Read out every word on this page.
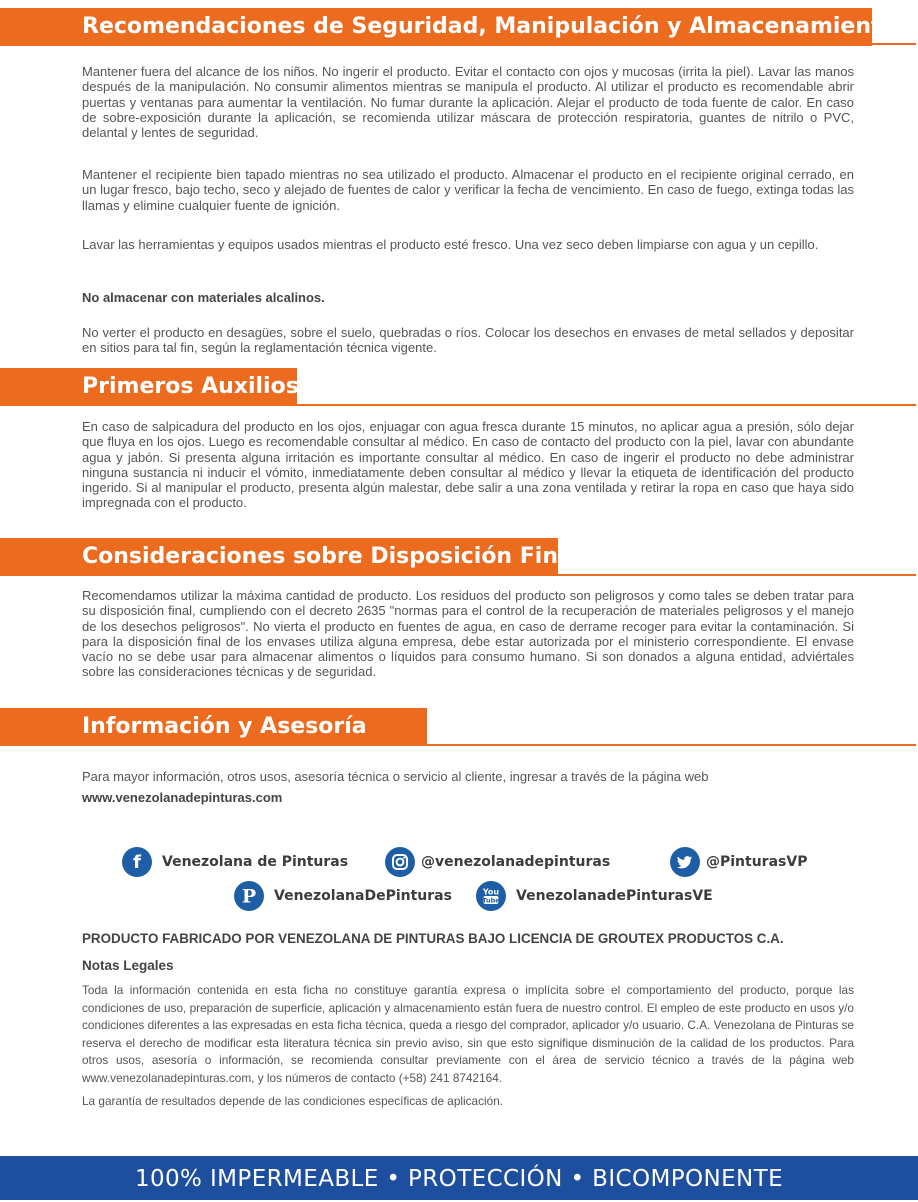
Recomendaciones de Seguridad, Manipulación y Almacenamiento

Mantener fuera del alcance de los niños. No ingerir el producto. Evitar el contacto con ojos y mucosas (irrita la piel). Lavar las manos después de la manipulación. No consumir alimentos mientras se manipula el producto. Al utilizar el producto es recomendable abrir puertas y ventanas para aumentar la ventilación. No fumar durante la aplicación. Alejar el producto de toda fuente de calor. En caso de sobre-exposición durante la aplicación, se recomienda utilizar máscara de protección respiratoria, guantes de nitrilo o PVC, delantal y lentes de seguridad.

Mantener el recipiente bien tapado mientras no sea utilizado el producto. Almacenar el producto en el recipiente original cerrado, en un lugar fresco, bajo techo, seco y alejado de fuentes de calor y verificar la fecha de vencimiento. En caso de fuego, extinga todas las llamas y elimine cualquier fuente de ignición.

Lavar las herramientas y equipos usados mientras el producto esté fresco. Una vez seco deben limpiarse con agua y un cepillo.

No almacenar con materiales alcalinos.

No verter el producto en desagües, sobre el suelo, quebradas o ríos. Colocar los desechos en envases de metal sellados y depositar en sitios para tal fin, según la reglamentación técnica vigente.

Primeros Auxilios

En caso de salpicadura del producto en los ojos, enjuagar con agua fresca durante 15 minutos, no aplicar agua a presión, sólo dejar que fluya en los ojos. Luego es recomendable consultar al médico. En caso de contacto del producto con la piel, lavar con abundante agua y jabón. Si presenta alguna irritación es importante consultar al médico. En caso de ingerir el producto no debe administrar ninguna sustancia ni inducir el vómito, inmediatamente deben consultar al médico y llevar la etiqueta de identificación del producto ingerido. Si al manipular el producto, presenta algún malestar, debe salir a una zona ventilada y retirar la ropa en caso que haya sido impregnada con el producto.

Consideraciones sobre Disposición Final

Recomendamos utilizar la máxima cantidad de producto. Los residuos del producto son peligrosos y como tales se deben tratar para su disposición final, cumpliendo con el decreto 2635 "normas para el control de la recuperación de materiales peligrosos y el manejo de los desechos peligrosos". No vierta el producto en fuentes de agua, en caso de derrame recoger para evitar la contaminación. Si para la disposición final de los envases utiliza alguna empresa, debe estar autorizada por el ministerio correspondiente. El envase vacío no se debe usar para almacenar alimentos o líquidos para consumo humano. Si son donados a alguna entidad, adviértales sobre las consideraciones técnicas y de seguridad.

Información y Asesoría

Para mayor información, otros usos, asesoría técnica o servicio al cliente, ingresar a través de la página web

www.venezolanadepinturas.com
f Venezolana de Pinturas	@venezolanadepinturas	@PinturasVP
P VenezolanaDePinturas	You
Tube VenezolanadePinturasVE

PRODUCTO FABRICADO POR VENEZOLANA DE PINTURAS BAJO LICENCIA DE GROUTEX PRODUCTOS C.A.

Notas Legales

Toda la información contenida en esta ficha no constituye garantía expresa o implícita sobre el comportamiento del producto, porque las condiciones de uso, preparación de superficie, aplicación y almacenamiento están fuera de nuestro control. El empleo de este producto en usos y/o condiciones diferentes a las expresadas en esta ficha técnica, queda a riesgo del comprador, aplicador y/o usuario. C.A. Venezolana de Pinturas se reserva el derecho de modificar esta literatura técnica sin previo aviso, sin que esto signifique disminución de la calidad de los productos. Para otros usos, asesoría o información, se recomienda consultar previamente con el área de servicio técnico a través de la página web www.venezolanadepinturas.com, y los números de contacto (+58) 241 8742164.

La garantía de resultados depende de las condiciones específicas de aplicación.

100% IMPERMEABLE • PROTECCIÓN • BICOMPONENTE
